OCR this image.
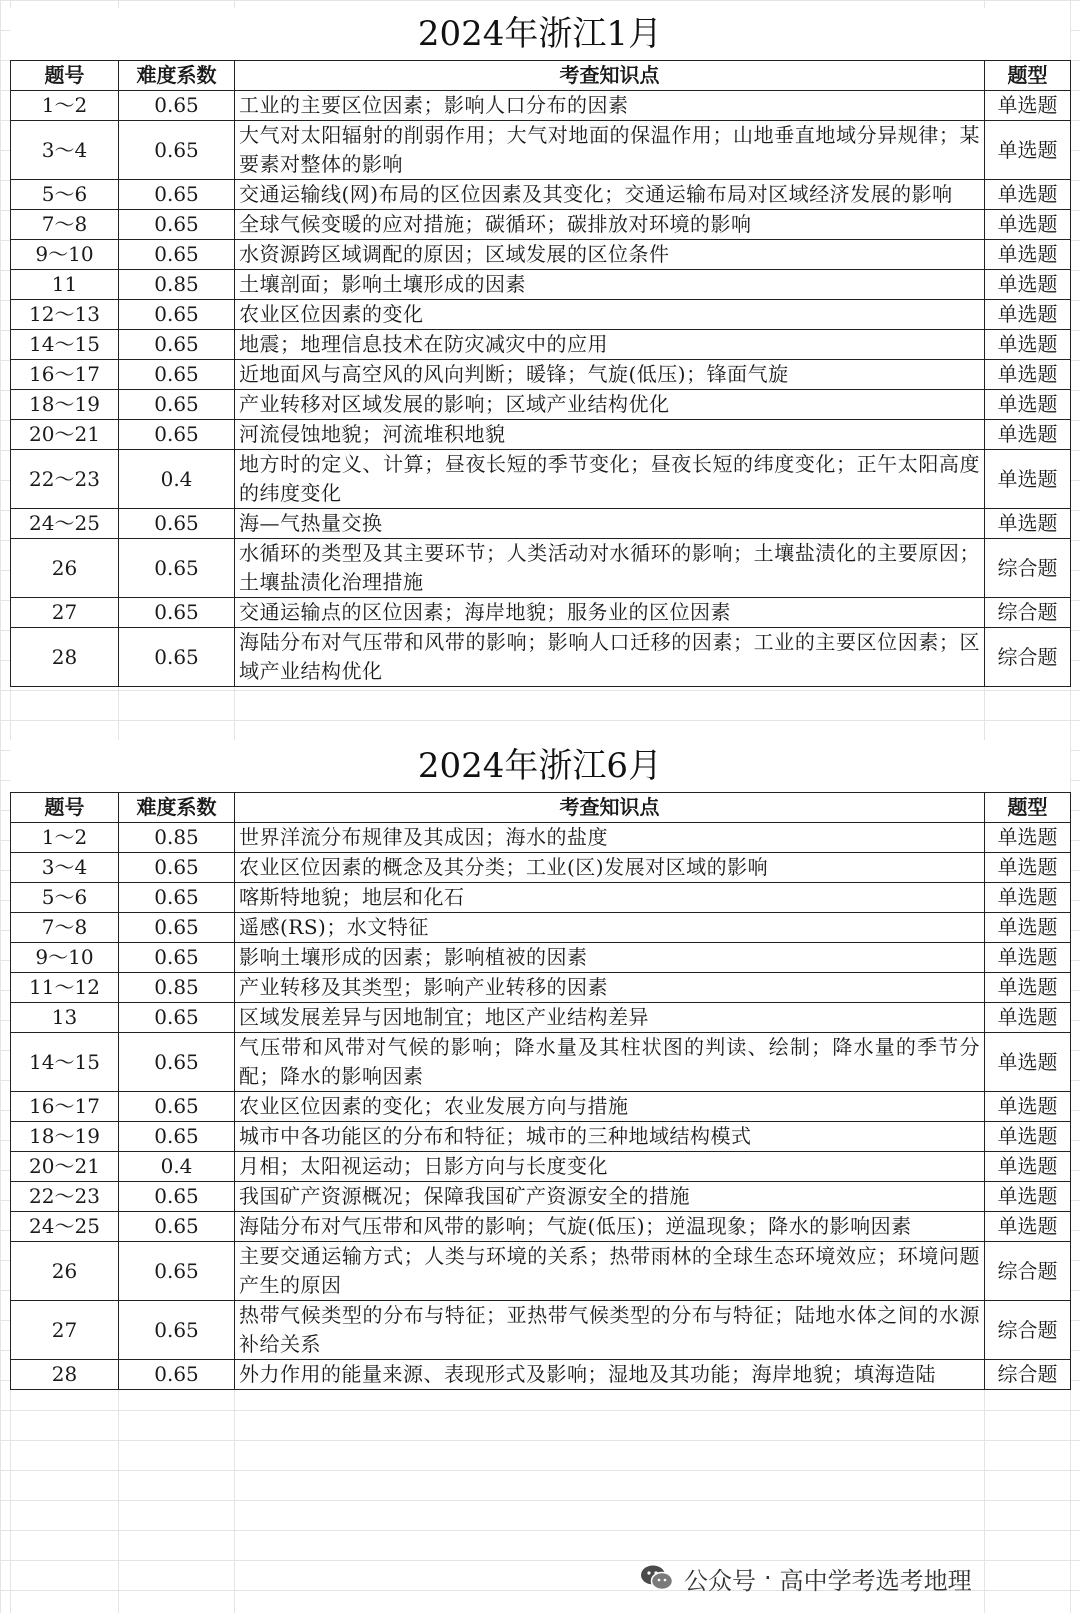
2024年浙江1月
题号	难度系数	考查知识点	题型
1～2	0.65	工业的主要区位因素；影响人口分布的因素	单选题
3～4	0.65	大气对太阳辐射的削弱作用；大气对地面的保温作用；山地垂直地域分异规律；某要素对整体的影响	单选题
5～6	0.65	交通运输线(网)布局的区位因素及其变化；交通运输布局对区域经济发展的影响	单选题
7～8	0.65	全球气候变暖的应对措施；碳循环；碳排放对环境的影响	单选题
9～10	0.65	水资源跨区域调配的原因；区域发展的区位条件	单选题
11	0.85	土壤剖面；影响土壤形成的因素	单选题
12～13	0.65	农业区位因素的变化	单选题
14～15	0.65	地震；地理信息技术在防灾减灾中的应用	单选题
16～17	0.65	近地面风与高空风的风向判断；暖锋；气旋(低压)；锋面气旋	单选题
18～19	0.65	产业转移对区域发展的影响；区域产业结构优化	单选题
20～21	0.65	河流侵蚀地貌；河流堆积地貌	单选题
22～23	0.4	地方时的定义、计算；昼夜长短的季节变化；昼夜长短的纬度变化；正午太阳高度的纬度变化	单选题
24～25	0.65	海—气热量交换	单选题
26	0.65	水循环的类型及其主要环节；人类活动对水循环的影响；土壤盐渍化的主要原因；土壤盐渍化治理措施	综合题
27	0.65	交通运输点的区位因素；海岸地貌；服务业的区位因素	综合题
28	0.65	海陆分布对气压带和风带的影响；影响人口迁移的因素；工业的主要区位因素；区域产业结构优化	综合题
2024年浙江6月
题号	难度系数	考查知识点	题型
1～2	0.85	世界洋流分布规律及其成因；海水的盐度	单选题
3～4	0.65	农业区位因素的概念及其分类；工业(区)发展对区域的影响	单选题
5～6	0.65	喀斯特地貌；地层和化石	单选题
7～8	0.65	遥感(RS)；水文特征	单选题
9～10	0.65	影响土壤形成的因素；影响植被的因素	单选题
11～12	0.85	产业转移及其类型；影响产业转移的因素	单选题
13	0.65	区域发展差异与因地制宜；地区产业结构差异	单选题
14～15	0.65	气压带和风带对气候的影响；降水量及其柱状图的判读、绘制；降水量的季节分配；降水的影响因素	单选题
16～17	0.65	农业区位因素的变化；农业发展方向与措施	单选题
18～19	0.65	城市中各功能区的分布和特征；城市的三种地域结构模式	单选题
20～21	0.4	月相；太阳视运动；日影方向与长度变化	单选题
22～23	0.65	我国矿产资源概况；保障我国矿产资源安全的措施	单选题
24～25	0.65	海陆分布对气压带和风带的影响；气旋(低压)；逆温现象；降水的影响因素	单选题
26	0.65	主要交通运输方式；人类与环境的关系；热带雨林的全球生态环境效应；环境问题产生的原因	综合题
27	0.65	热带气候类型的分布与特征；亚热带气候类型的分布与特征；陆地水体之间的水源补给关系	综合题
28	0.65	外力作用的能量来源、表现形式及影响；湿地及其功能；海岸地貌；填海造陆	综合题
公众号 · 高中学考选考地理
